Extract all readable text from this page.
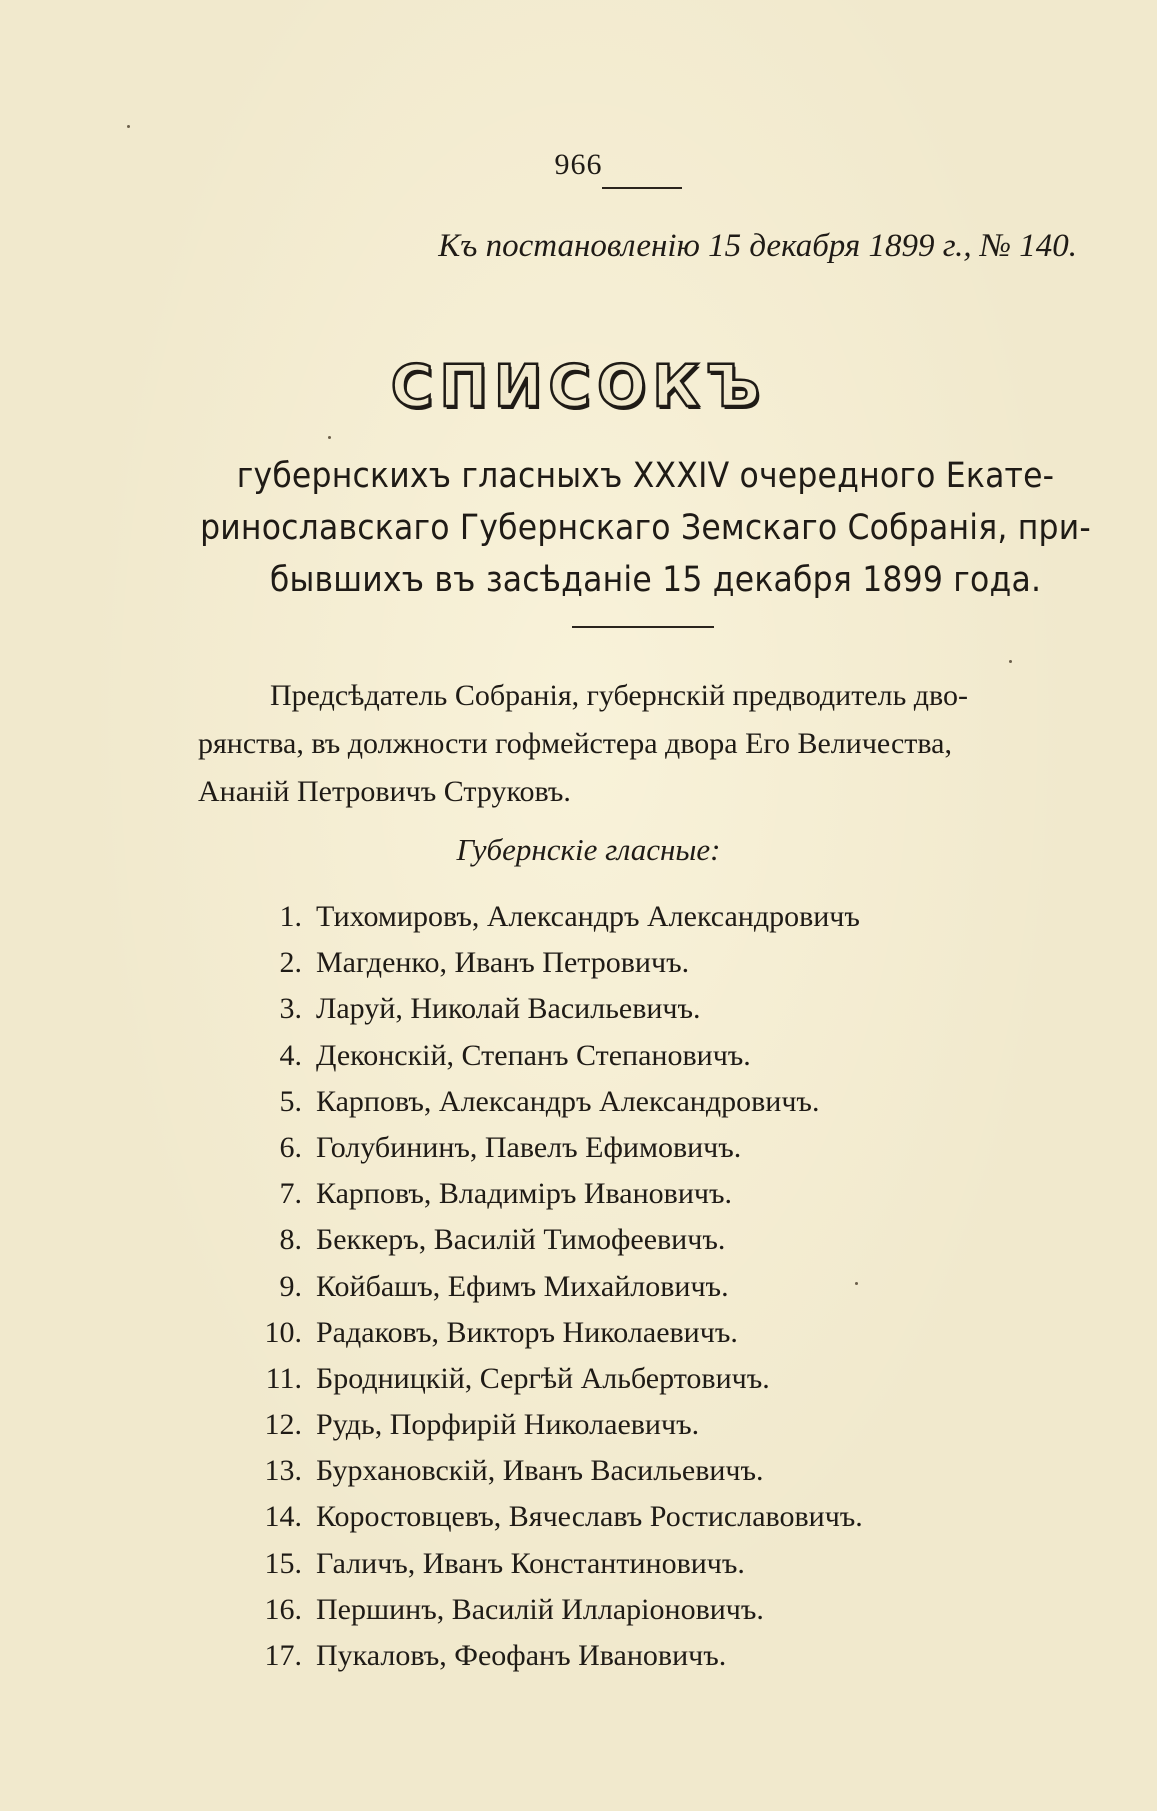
966
Къ постановленію 15 декабря 1899 г., № 140.
СПИСОКЪ
губернскихъ гласныхъ XXXIV очередного Екате-
ринославскаго Губернскаго Земскаго Собранія, при-
бывшихъ въ засѣданіе 15 декабря 1899 года.
Предсѣдатель Собранія, губернскій предводитель дво-
рянства, въ должности гофмейстера двора Его Величества,
Ананій Петровичъ Струковъ.
Губернскіе гласные:
1. Тихомировъ, Александръ Александровичъ
2. Магденко, Иванъ Петровичъ.
3. Ларуй, Николай Васильевичъ.
4. Деконскій, Степанъ Степановичъ.
5. Карповъ, Александръ Александровичъ.
6. Голубининъ, Павелъ Ефимовичъ.
7. Карповъ, Владиміръ Ивановичъ.
8. Беккеръ, Василій Тимофеевичъ.
9. Койбашъ, Ефимъ Михайловичъ.
10. Радаковъ, Викторъ Николаевичъ.
11. Бродницкій, Сергѣй Альбертовичъ.
12. Рудь, Порфирій Николаевичъ.
13. Бурхановскій, Иванъ Васильевичъ.
14. Коростовцевъ, Вячеславъ Ростиславовичъ.
15. Галичъ, Иванъ Константиновичъ.
16. Першинъ, Василій Илларіоновичъ.
17. Пукаловъ, Феофанъ Ивановичъ.
